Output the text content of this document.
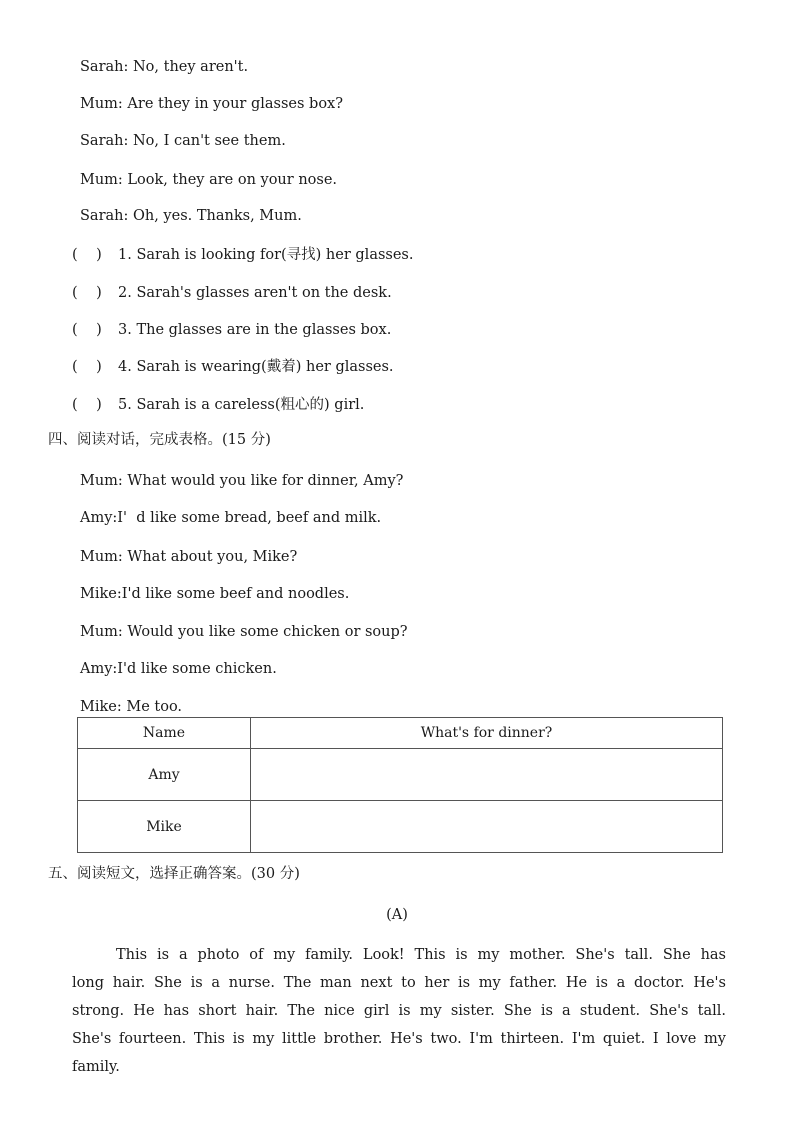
Sarah: No, they aren't.
Mum: Are they in your glasses box?
Sarah: No, I can't see them.
Mum: Look, they are on your nose.
Sarah: Oh, yes. Thanks, Mum.
(    ) 1. Sarah is looking for(寻找) her glasses.
(    ) 2. Sarah's glasses aren't on the desk.
(    ) 3. The glasses are in the glasses box.
(    ) 4. Sarah is wearing(戴着) her glasses.
(    ) 5. Sarah is a careless(粗心的) girl.
四、阅读对话，完成表格。(15 分)
Mum: What would you like for dinner, Amy?
Amy:I'  d like some bread, beef and milk.
Mum: What about you, Mike?
Mike:I'd like some beef and noodles.
Mum: Would you like some chicken or soup?
Amy:I'd like some chicken.
Mike: Me too.
Name	What's for dinner?
Amy	
Mike	
五、阅读短文，选择正确答案。(30 分)
(A)
This is a photo of my family. Look! This is my mother. She's tall. She has long hair. She is a nurse. The man next to her is my father. He is a doctor. He's strong. He has short hair. The nice girl is my sister. She is a student. She's tall. She's fourteen. This is my little brother. He's two. I'm thirteen. I'm quiet. I love my family.
